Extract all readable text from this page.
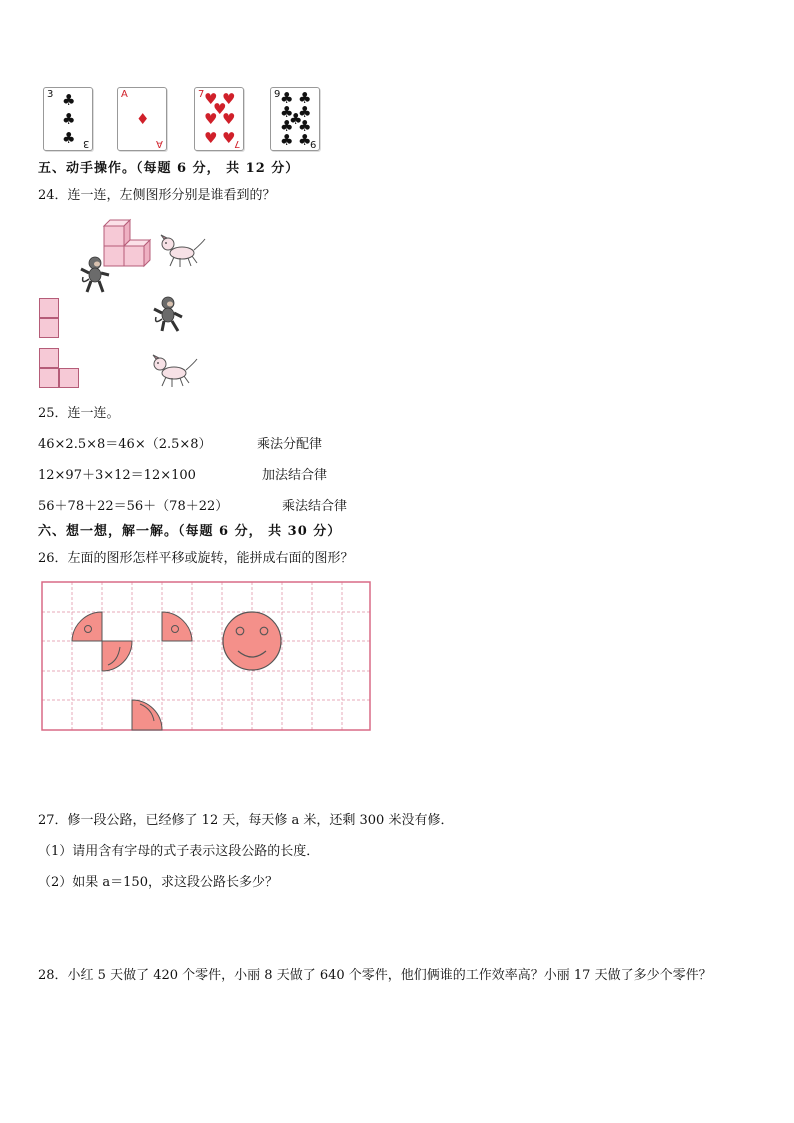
3
3
♣
♣
♣
A
A
♦
7
7
♥ ♥
♥
♥ ♥
♥ ♥
9
9
♣ ♣
♣ ♣
♣
♣ ♣
♣ ♣
五、动手操作。（每题 6 分， 共 12 分）
24．连一连，左侧图形分别是谁看到的？
25．连一连。
46×2.5×8＝46×（2.5×8）	乘法分配律
12×97＋3×12＝12×100	加法结合律
56＋78＋22＝56＋（78＋22）	乘法结合律
六、想一想，解一解。（每题 6 分， 共 30 分）
26．左面的图形怎样平移或旋转，能拼成右面的图形？
27．修一段公路，已经修了 12 天，每天修 a 米，还剩 300 米没有修．
（1）请用含有字母的式子表示这段公路的长度．
（2）如果 a＝150，求这段公路长多少？
28．小红 5 天做了 420 个零件，小丽 8 天做了 640 个零件，他们俩谁的工作效率高？小丽 17 天做了多少个零件？
